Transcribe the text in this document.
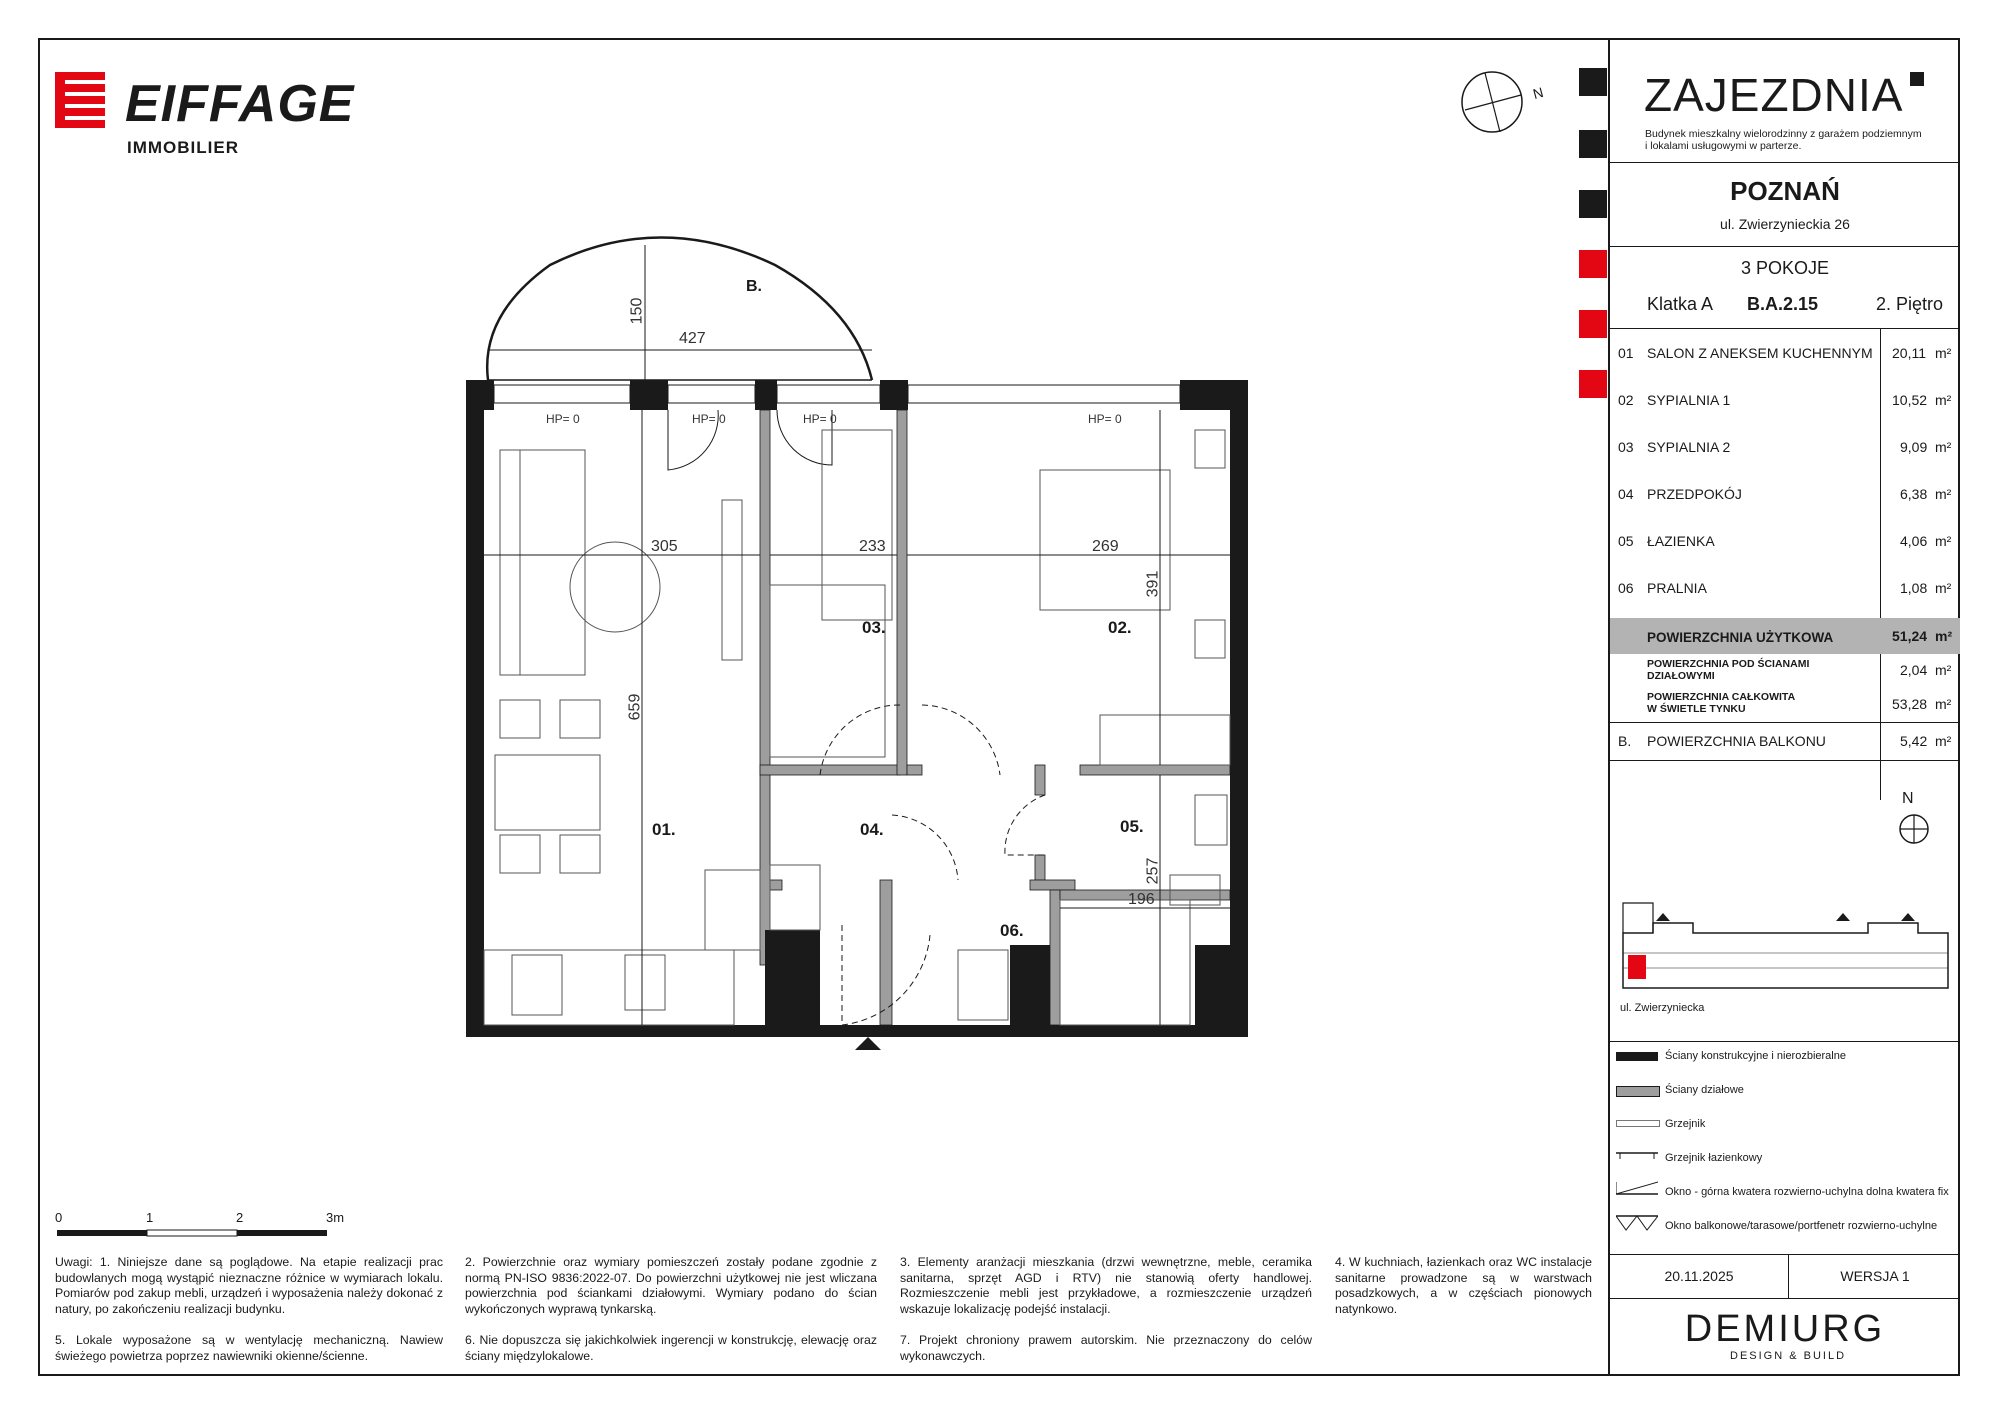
EIFFAGE
IMMOBILIER
N
B.
01.
02.
03.
04.	05.
06.
305	233	269
427
196
150
659
391
257
HP= 0	HP= 0	HP= 0	HP= 0
0	1	2	3m
Uwagi: 1. Niniejsze dane są poglądowe. Na etapie realizacji prac budowlanych mogą wystąpić nieznaczne różnice w wymiarach lokalu. Pomiarów pod zakup mebli, urządzeń i wyposażenia należy dokonać z natury, po zakończeniu realizacji budynku.
2. Powierzchnie oraz wymiary pomieszczeń zostały podane zgodnie z normą PN-ISO 9836:2022-07. Do powierzchni użytkowej nie jest wliczana powierzchnia pod ściankami działowymi. Wymiary podano do ścian wykończonych wyprawą tynkarską.
3. Elementy aranżacji mieszkania (drzwi wewnętrzne, meble, ceramika sanitarna, sprzęt AGD i RTV) nie stanowią oferty handlowej. Rozmieszczenie mebli jest przykładowe, a rozmieszczenie urządzeń wskazuje lokalizację podejść instalacji.
4. W kuchniach, łazienkach oraz WC instalacje sanitarne prowadzone są w warstwach posadzkowych, a w częściach pionowych natynkowo.
5. Lokale wyposażone są w wentylację mechaniczną. Nawiew świeżego powietrza poprzez nawiewniki okienne/ścienne.
6. Nie dopuszcza się jakichkolwiek ingerencji w konstrukcję, elewację oraz ściany międzylokalowe.
7. Projekt chroniony prawem autorskim. Nie przeznaczony do celów wykonawczych.
ZAJEZDNIA
Budynek mieszkalny wielorodzinny z garażem podziemnym
i lokalami usługowymi w parterze.
POZNAŃ
ul. Zwierzynieckia 26
3 POKOJE
Klatka A B.A.2.15	2. Piętro
01 SALON Z ANEKSEM KUCHENNYM 20,11 m²
02 SYPIALNIA 1	10,52 m²
03 SYPIALNIA 2	9,09 m²
04 PRZEDPOKÓJ	6,38 m²
05 ŁAZIENKA	4,06 m²
06 PRALNIA	1,08 m²
POWIERZCHNIA UŻYTKOWA	51,24 m²
POWIERZCHNIA POD ŚCIANAMI
DZIAŁOWYMI	2,04 m²
POWIERZCHNIA CAŁKOWITA
W ŚWIETLE TYNKU	53,28 m²
B. POWIERZCHNIA BALKONU	5,42 m²
N
ul. Zwierzyniecka
Ściany konstrukcyjne i nierozbieralne
Ściany działowe
Grzejnik
Grzejnik łazienkowy
Okno - górna kwatera rozwierno-uchylna dolna kwatera fix
Okno balkonowe/tarasowe/portfenetr rozwierno-uchylne
20.11.2025	WERSJA 1
DEMIURG
DESIGN & BUILD
